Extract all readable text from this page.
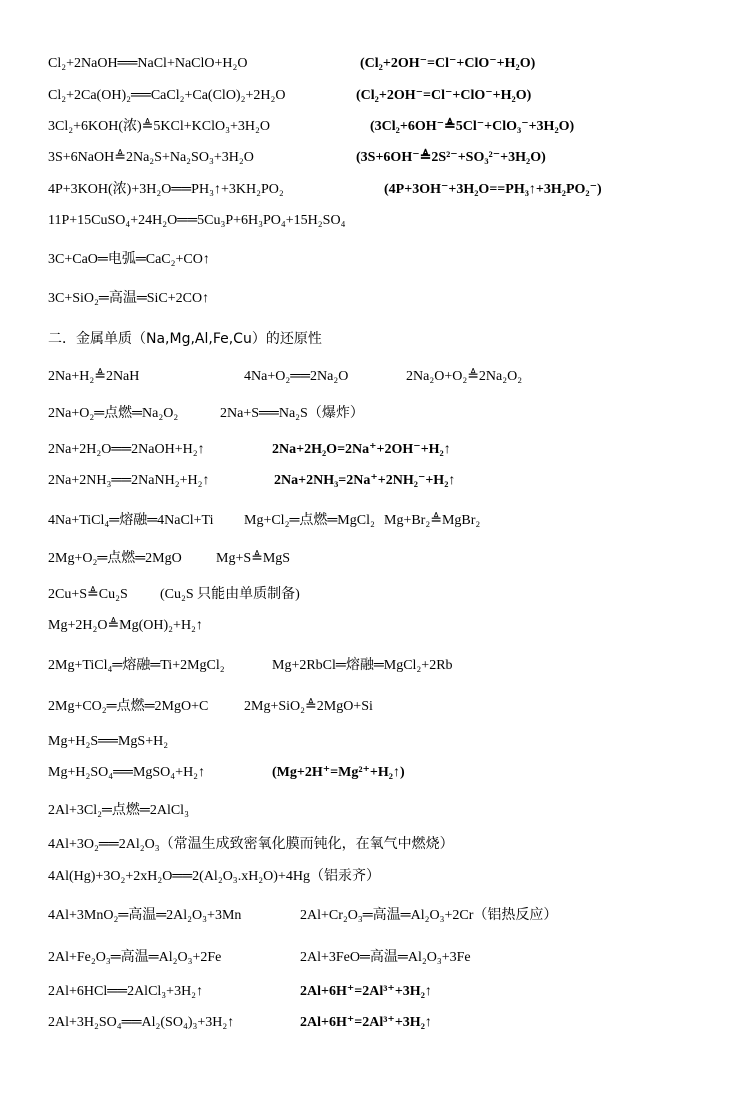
Cl₂+2NaOH══NaCl+NaClO+H₂O	(Cl₂+2OH⁻=Cl⁻+ClO⁻+H₂O)
Cl₂+2Ca(OH)₂══CaCl₂+Ca(ClO)₂+2H₂O	(Cl₂+2OH⁻=Cl⁻+ClO⁻+H₂O)
3Cl₂+6KOH(浓)≜5KCl+KClO₃+3H₂O	(3Cl₂+6OH⁻≜5Cl⁻+ClO₃⁻+3H₂O)
3S+6NaOH≜2Na₂S+Na₂SO₃+3H₂O	(3S+6OH⁻≜2S²⁻+SO₃²⁻+3H₂O)
4P+3KOH(浓)+3H₂O══PH₃↑+3KH₂PO₂	(4P+3OH⁻+3H₂O==PH₃↑+3H₂PO₂⁻)
11P+15CuSO₄+24H₂O══5Cu₃P+6H₃PO₄+15H₂SO₄
3C+CaO═电弧═CaC₂+CO↑
3C+SiO₂═高温═SiC+2CO↑
二．金属单质（Na,Mg,Al,Fe,Cu）的还原性
2Na+H₂≜2NaH	4Na+O₂══2Na₂O	2Na₂O+O₂≜2Na₂O₂
2Na+O₂═点燃═Na₂O₂	2Na+S══Na₂S（爆炸）
2Na+2H₂O══2NaOH+H₂↑	2Na+2H₂O=2Na⁺+2OH⁻+H₂↑
2Na+2NH₃══2NaNH₂+H₂↑	2Na+2NH₃=2Na⁺+2NH₂⁻+H₂↑
4Na+TiCl₄═熔融═4NaCl+Ti Mg+Cl₂═点燃═MgCl₂ Mg+Br₂≜MgBr₂
2Mg+O₂═点燃═2MgO Mg+S≜MgS
2Cu+S≜Cu₂S (Cu₂S 只能由单质制备)
Mg+2H₂O≜Mg(OH)₂+H₂↑
2Mg+TiCl₄═熔融═Ti+2MgCl₂	Mg+2RbCl═熔融═MgCl₂+2Rb
2Mg+CO₂═点燃═2MgO+C	2Mg+SiO₂≜2MgO+Si
Mg+H₂S══MgS+H₂
Mg+H₂SO₄══MgSO₄+H₂↑	(Mg+2H⁺=Mg²⁺+H₂↑)
2Al+3Cl₂═点燃═2AlCl₃
4Al+3O₂══2Al₂O₃（常温生成致密氧化膜而钝化，在氧气中燃烧）
4Al(Hg)+3O₂+2xH₂O══2(Al₂O₃.xH₂O)+4Hg（铝汞齐）
4Al+3MnO₂═高温═2Al₂O₃+3Mn	2Al+Cr₂O₃═高温═Al₂O₃+2Cr（铝热反应）
2Al+Fe₂O₃═高温═Al₂O₃+2Fe	2Al+3FeO═高温═Al₂O₃+3Fe
2Al+6HCl══2AlCl₃+3H₂↑	2Al+6H⁺=2Al³⁺+3H₂↑
2Al+3H₂SO₄══Al₂(SO₄)₃+3H₂↑	2Al+6H⁺=2Al³⁺+3H₂↑
